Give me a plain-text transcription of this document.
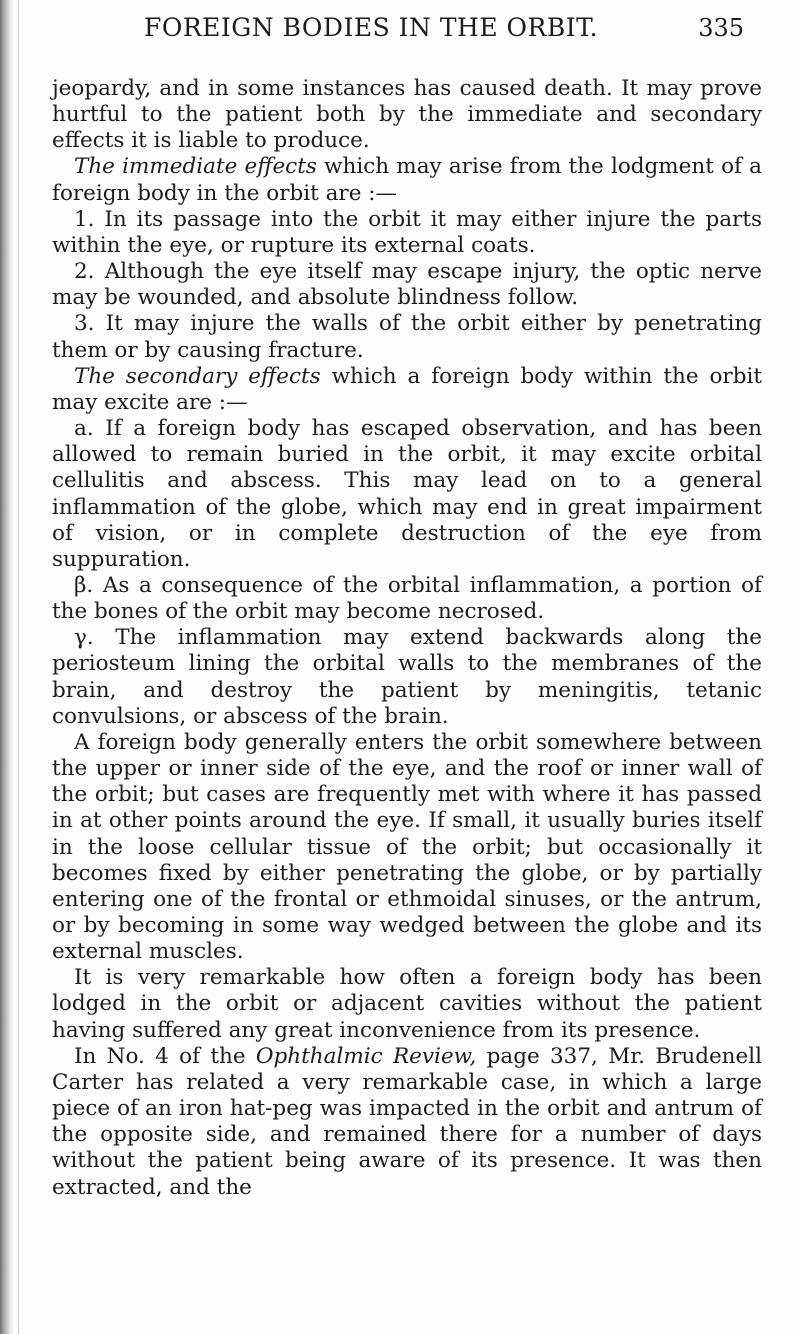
FOREIGN BODIES IN THE ORBIT.	335

jeopardy, and in some instances has caused death. It may prove hurtful to the patient both by the immediate and secondary effects it is liable to produce.

The immediate effects which may arise from the lodgment of a foreign body in the orbit are :—

1. In its passage into the orbit it may either injure the parts within the eye, or rupture its external coats.

2. Although the eye itself may escape injury, the optic nerve may be wounded, and absolute blindness follow.

3. It may injure the walls of the orbit either by penetrating them or by causing fracture.

The secondary effects which a foreign body within the orbit may excite are :—

a. If a foreign body has escaped observation, and has been allowed to remain buried in the orbit, it may excite orbital cellulitis and abscess. This may lead on to a general inflammation of the globe, which may end in great impairment of vision, or in complete destruction of the eye from suppuration.

β. As a consequence of the orbital inflammation, a portion of the bones of the orbit may become necrosed.

γ. The inflammation may extend backwards along the periosteum lining the orbital walls to the membranes of the brain, and destroy the patient by meningitis, tetanic convulsions, or abscess of the brain.

A foreign body generally enters the orbit somewhere between the upper or inner side of the eye, and the roof or inner wall of the orbit; but cases are frequently met with where it has passed in at other points around the eye. If small, it usually buries itself in the loose cellular tissue of the orbit; but occasionally it becomes fixed by either penetrating the globe, or by partially entering one of the frontal or ethmoidal sinuses, or the antrum, or by becoming in some way wedged between the globe and its external muscles.

It is very remarkable how often a foreign body has been lodged in the orbit or adjacent cavities without the patient having suffered any great inconvenience from its presence.

In No. 4 of the Ophthalmic Review, page 337, Mr. Brudenell Carter has related a very remarkable case, in which a large piece of an iron hat-peg was impacted in the orbit and antrum of the opposite side, and remained there for a number of days without the patient being aware of its presence. It was then extracted, and the
